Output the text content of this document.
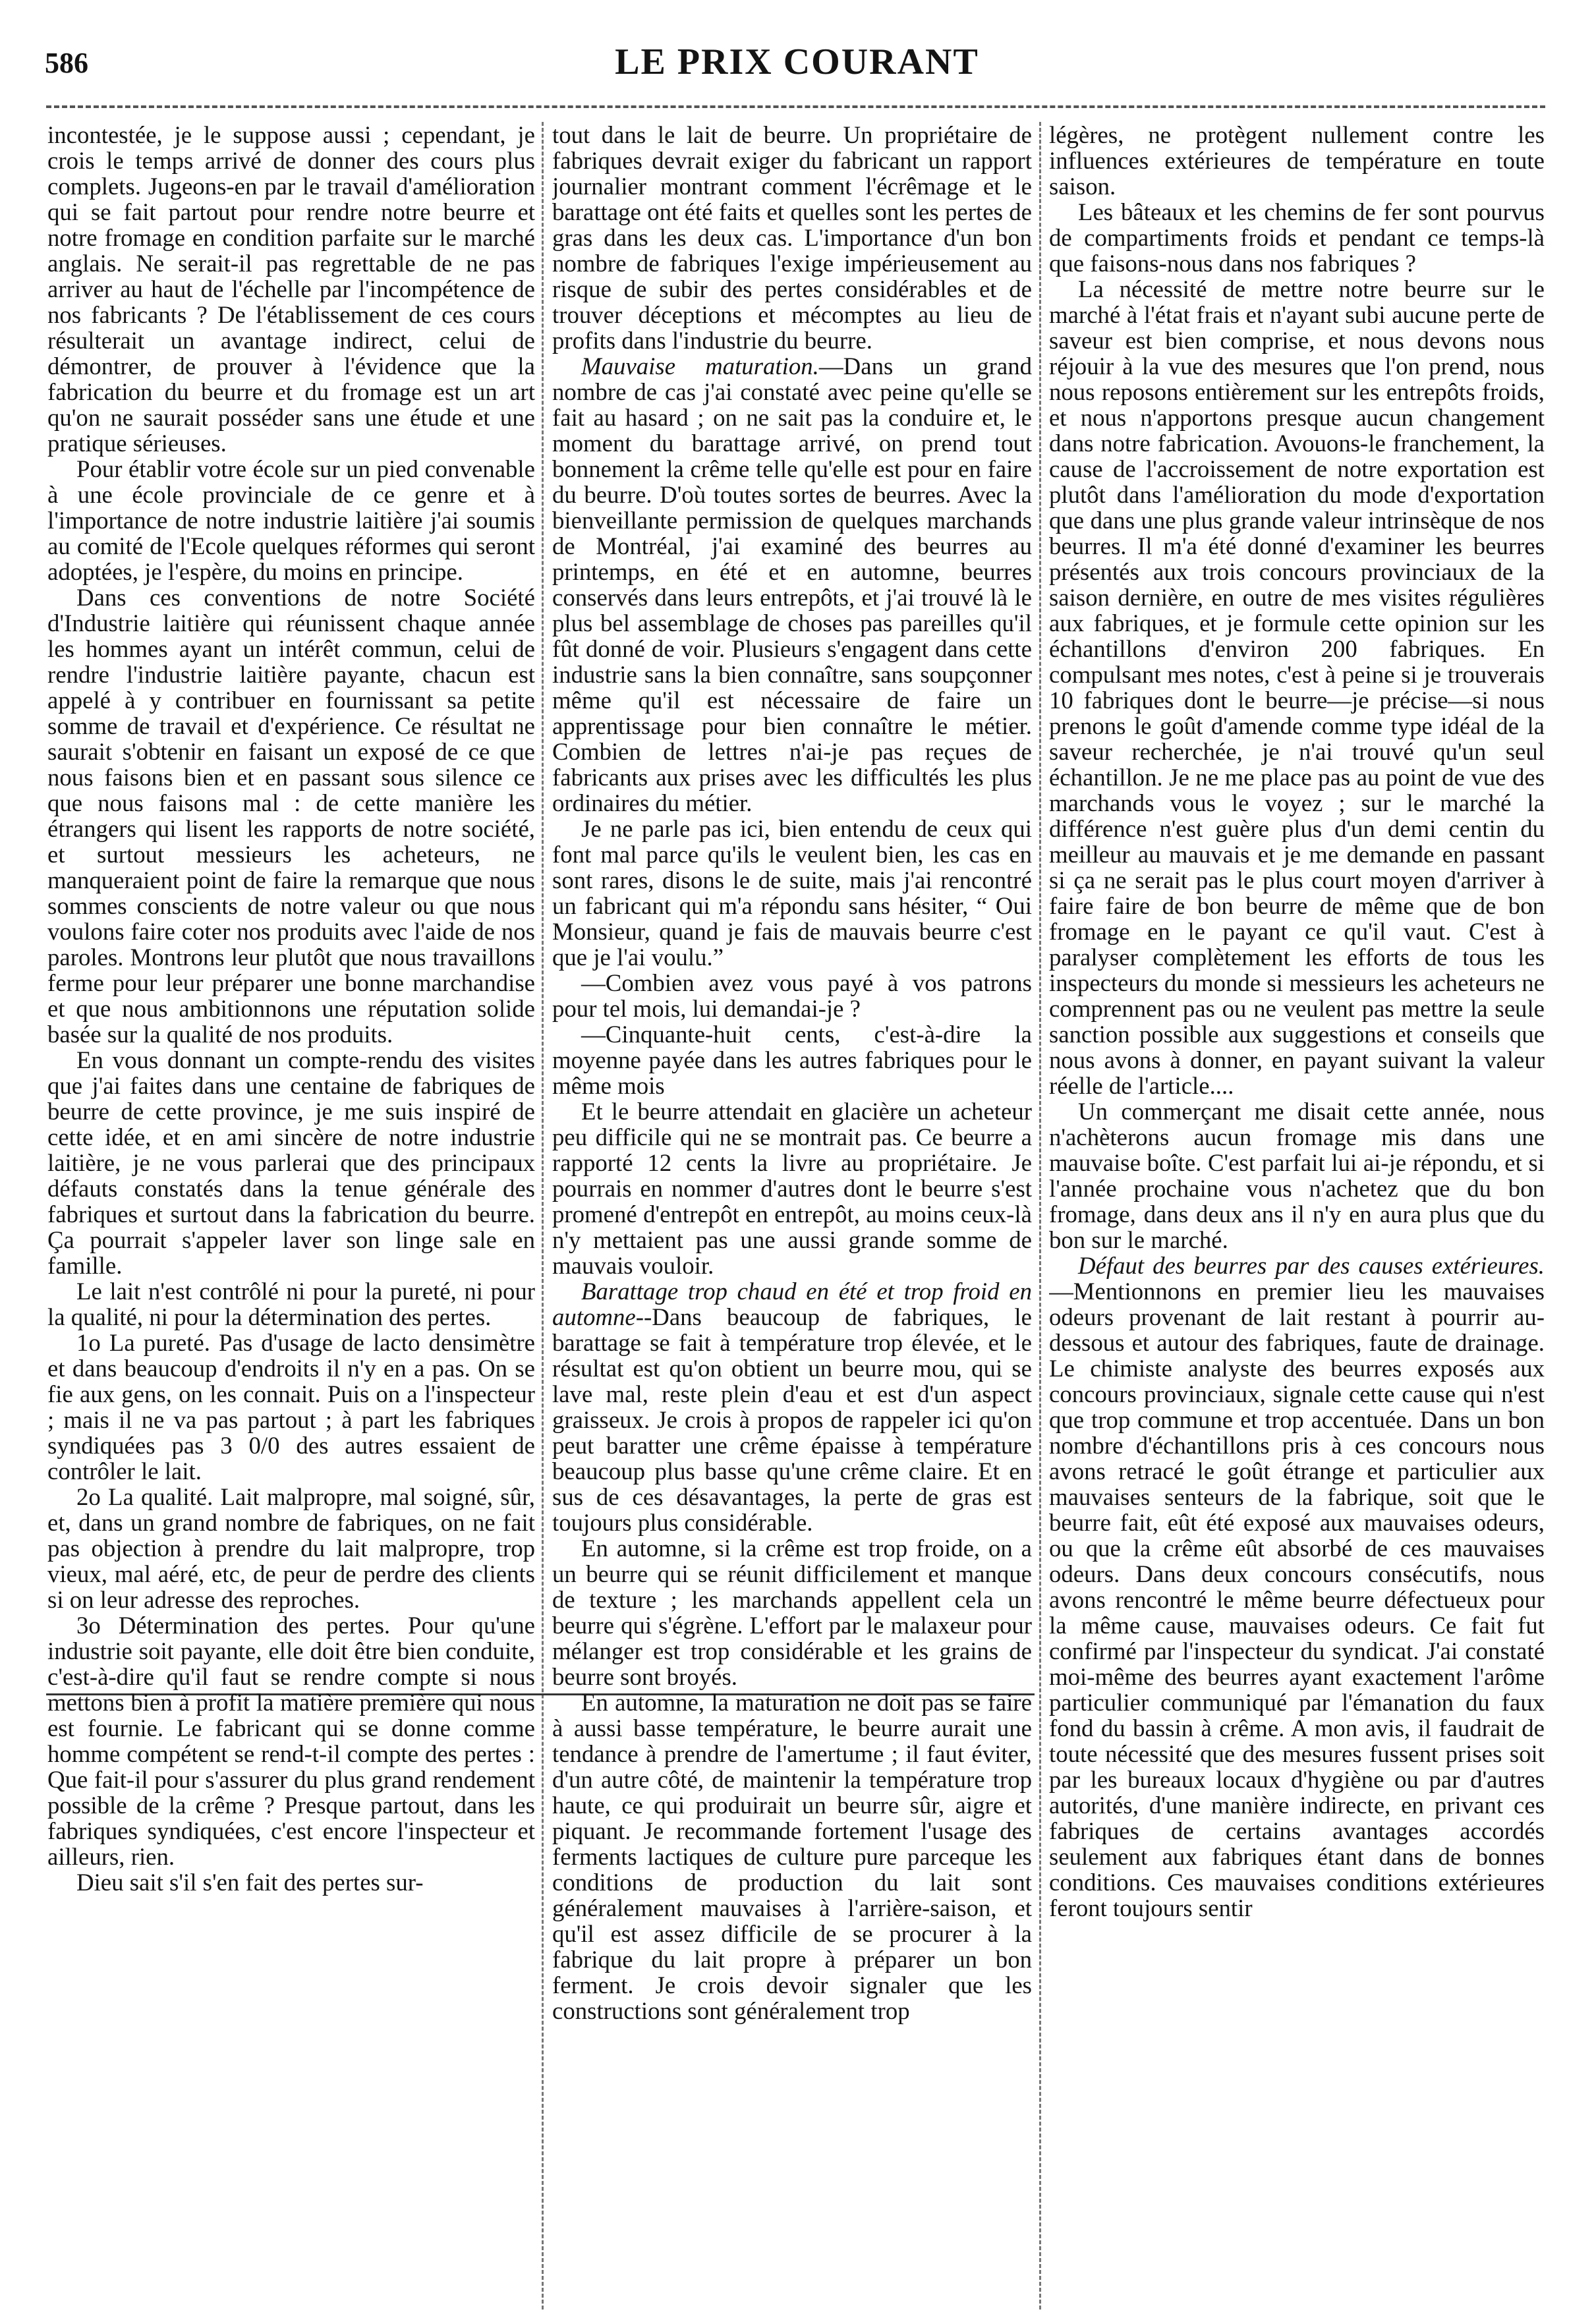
586	LE PRIX COURANT

incontestée, je le suppose aussi ; cependant, je crois le temps arrivé de donner des cours plus complets. Jugeons-en par le travail d'amélioration qui se fait partout pour rendre notre beurre et notre fromage en condition parfaite sur le marché anglais. Ne serait-il pas regrettable de ne pas arriver au haut de l'échelle par l'incompétence de nos fabricants ? De l'établissement de ces cours résulterait un avantage indirect, celui de démontrer, de prouver à l'évidence que la fabrication du beurre et du fromage est un art qu'on ne saurait posséder sans une étude et une pratique sérieuses.

Pour établir votre école sur un pied convenable à une école provinciale de ce genre et à l'importance de notre industrie laitière j'ai soumis au comité de l'Ecole quelques réformes qui seront adoptées, je l'espère, du moins en principe.

Dans ces conventions de notre Société d'Industrie laitière qui réunissent chaque année les hommes ayant un intérêt commun, celui de rendre l'industrie laitière payante, chacun est appelé à y contribuer en fournissant sa petite somme de travail et d'expérience. Ce résultat ne saurait s'obtenir en faisant un exposé de ce que nous faisons bien et en passant sous silence ce que nous faisons mal : de cette manière les étrangers qui lisent les rapports de notre société, et surtout messieurs les acheteurs, ne manqueraient point de faire la remarque que nous sommes conscients de notre valeur ou que nous voulons faire coter nos produits avec l'aide de nos paroles. Montrons leur plutôt que nous travaillons ferme pour leur préparer une bonne marchandise et que nous ambitionnons une réputation solide basée sur la qualité de nos produits.

En vous donnant un compte-rendu des visites que j'ai faites dans une centaine de fabriques de beurre de cette province, je me suis inspiré de cette idée, et en ami sincère de notre industrie laitière, je ne vous parlerai que des principaux défauts constatés dans la tenue générale des fabriques et surtout dans la fabrication du beurre. Ça pourrait s'appeler laver son linge sale en famille.

Le lait n'est contrôlé ni pour la pureté, ni pour la qualité, ni pour la détermination des pertes.

1o La pureté. Pas d'usage de lacto densimètre et dans beaucoup d'endroits il n'y en a pas. On se fie aux gens, on les connait. Puis on a l'inspecteur ; mais il ne va pas partout ; à part les fabriques syndiquées pas 3 0/0 des autres essaient de contrôler le lait.

2o La qualité. Lait malpropre, mal soigné, sûr, et, dans un grand nombre de fabriques, on ne fait pas objection à prendre du lait malpropre, trop vieux, mal aéré, etc, de peur de perdre des clients si on leur adresse des reproches.

3o Détermination des pertes. Pour qu'une industrie soit payante, elle doit être bien conduite, c'est-à-dire qu'il faut se rendre compte si nous mettons bien à profit la matière première qui nous est fournie. Le fabricant qui se donne comme homme compétent se rend-t-il compte des pertes : Que fait-il pour s'assurer du plus grand rendement possible de la crême ? Presque partout, dans les fabriques syndiquées, c'est encore l'inspecteur et ailleurs, rien.

Dieu sait s'il s'en fait des pertes sur-

tout dans le lait de beurre. Un propriétaire de fabriques devrait exiger du fabricant un rapport journalier montrant comment l'écrêmage et le barattage ont été faits et quelles sont les pertes de gras dans les deux cas. L'importance d'un bon nombre de fabriques l'exige impérieusement au risque de subir des pertes considérables et de trouver déceptions et mécomptes au lieu de profits dans l'industrie du beurre.

Mauvaise maturation.—Dans un grand nombre de cas j'ai constaté avec peine qu'elle se fait au hasard ; on ne sait pas la conduire et, le moment du barattage arrivé, on prend tout bonnement la crême telle qu'elle est pour en faire du beurre. D'où toutes sortes de beurres. Avec la bienveillante permission de quelques marchands de Montréal, j'ai examiné des beurres au printemps, en été et en automne, beurres conservés dans leurs entrepôts, et j'ai trouvé là le plus bel assemblage de choses pas pareilles qu'il fût donné de voir. Plusieurs s'engagent dans cette industrie sans la bien connaître, sans soupçonner même qu'il est nécessaire de faire un apprentissage pour bien connaître le métier. Combien de lettres n'ai-je pas reçues de fabricants aux prises avec les difficultés les plus ordinaires du métier.

Je ne parle pas ici, bien entendu de ceux qui font mal parce qu'ils le veulent bien, les cas en sont rares, disons le de suite, mais j'ai rencontré un fabricant qui m'a répondu sans hésiter, “ Oui Monsieur, quand je fais de mauvais beurre c'est que je l'ai voulu.”

—Combien avez vous payé à vos patrons pour tel mois, lui demandai-je ?

—Cinquante-huit cents, c'est-à-dire la moyenne payée dans les autres fabriques pour le même mois

Et le beurre attendait en glacière un acheteur peu difficile qui ne se montrait pas. Ce beurre a rapporté 12 cents la livre au propriétaire. Je pourrais en nommer d'autres dont le beurre s'est promené d'entrepôt en entrepôt, au moins ceux-là n'y mettaient pas une aussi grande somme de mauvais vouloir.

Barattage trop chaud en été et trop froid en automne--Dans beaucoup de fabriques, le barattage se fait à température trop élevée, et le résultat est qu'on obtient un beurre mou, qui se lave mal, reste plein d'eau et est d'un aspect graisseux. Je crois à propos de rappeler ici qu'on peut baratter une crême épaisse à température beaucoup plus basse qu'une crême claire. Et en sus de ces désavantages, la perte de gras est toujours plus considérable.

En automne, si la crême est trop froide, on a un beurre qui se réunit difficilement et manque de texture ; les marchands appellent cela un beurre qui s'égrène. L'effort par le malaxeur pour mélanger est trop considérable et les grains de beurre sont broyés.

En automne, la maturation ne doit pas se faire à aussi basse température, le beurre aurait une tendance à prendre de l'amertume ; il faut éviter, d'un autre côté, de maintenir la température trop haute, ce qui produirait un beurre sûr, aigre et piquant. Je recommande fortement l'usage des ferments lactiques de culture pure parceque les conditions de production du lait sont généralement mauvaises à l'arrière-saison, et qu'il est assez difficile de se procurer à la fabrique du lait propre à préparer un bon ferment. Je crois devoir signaler que les constructions sont généralement trop

légères, ne protègent nullement contre les influences extérieures de température en toute saison.

Les bâteaux et les chemins de fer sont pourvus de compartiments froids et pendant ce temps-là que faisons-nous dans nos fabriques ?

La nécessité de mettre notre beurre sur le marché à l'état frais et n'ayant subi aucune perte de saveur est bien comprise, et nous devons nous réjouir à la vue des mesures que l'on prend, nous nous reposons entièrement sur les entrepôts froids, et nous n'apportons presque aucun changement dans notre fabrication. Avouons-le franchement, la cause de l'accroissement de notre exportation est plutôt dans l'amélioration du mode d'exportation que dans une plus grande valeur intrinsèque de nos beurres. Il m'a été donné d'examiner les beurres présentés aux trois concours provinciaux de la saison dernière, en outre de mes visites régulières aux fabriques, et je formule cette opinion sur les échantillons d'environ 200 fabriques. En compulsant mes notes, c'est à peine si je trouverais 10 fabriques dont le beurre—je précise—si nous prenons le goût d'amende comme type idéal de la saveur recherchée, je n'ai trouvé qu'un seul échantillon. Je ne me place pas au point de vue des marchands vous le voyez ; sur le marché la différence n'est guère plus d'un demi centin du meilleur au mauvais et je me demande en passant si ça ne serait pas le plus court moyen d'arriver à faire faire de bon beurre de même que de bon fromage en le payant ce qu'il vaut. C'est à paralyser complètement les efforts de tous les inspecteurs du monde si messieurs les acheteurs ne comprennent pas ou ne veulent pas mettre la seule sanction possible aux suggestions et conseils que nous avons à donner, en payant suivant la valeur réelle de l'article....

Un commerçant me disait cette année, nous n'achèterons aucun fromage mis dans une mauvaise boîte. C'est parfait lui ai-je répondu, et si l'année prochaine vous n'achetez que du bon fromage, dans deux ans il n'y en aura plus que du bon sur le marché.

Défaut des beurres par des causes extérieures.—Mentionnons en premier lieu les mauvaises odeurs provenant de lait restant à pourrir au-dessous et autour des fabriques, faute de drainage. Le chimiste analyste des beurres exposés aux concours provinciaux, signale cette cause qui n'est que trop commune et trop accentuée. Dans un bon nombre d'échantillons pris à ces concours nous avons retracé le goût étrange et particulier aux mauvaises senteurs de la fabrique, soit que le beurre fait, eût été exposé aux mauvaises odeurs, ou que la crême eût absorbé de ces mauvaises odeurs. Dans deux concours consécutifs, nous avons rencontré le même beurre défectueux pour la même cause, mauvaises odeurs. Ce fait fut confirmé par l'inspecteur du syndicat. J'ai constaté moi-même des beurres ayant exactement l'arôme particulier communiqué par l'émanation du faux fond du bassin à crême. A mon avis, il faudrait de toute nécessité que des mesures fussent prises soit par les bureaux locaux d'hygiène ou par d'autres autorités, d'une manière indirecte, en privant ces fabriques de certains avantages accordés seulement aux fabriques étant dans de bonnes conditions. Ces mauvaises conditions extérieures feront toujours sentir
